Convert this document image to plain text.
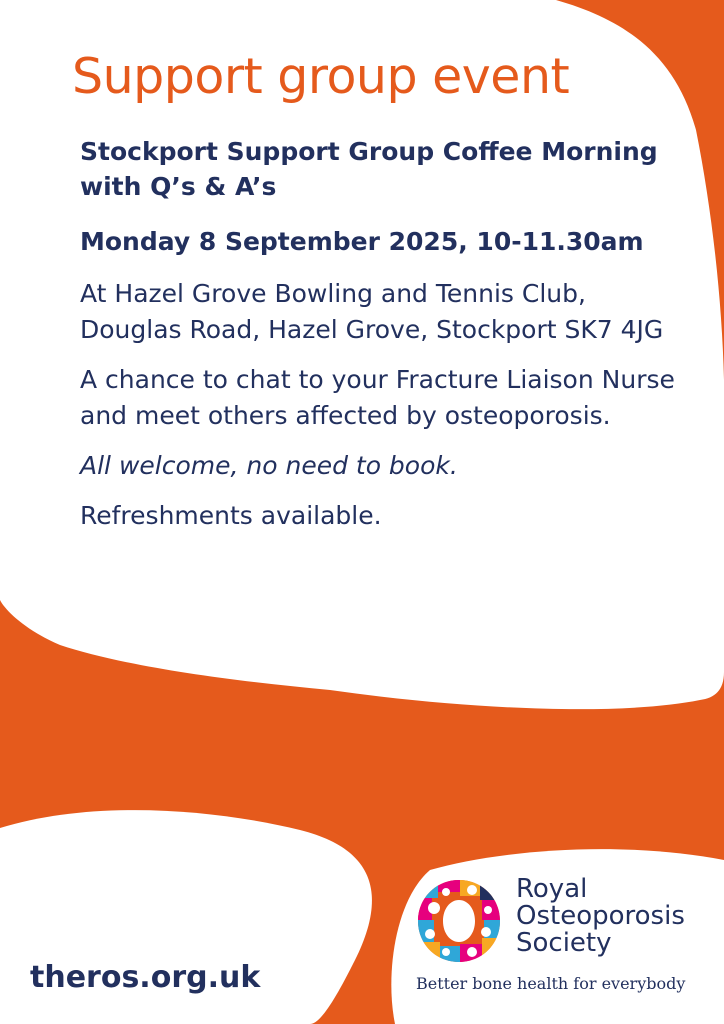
Support group event

Stockport Support Group Coffee Morning with Q’s & A’s

Monday 8 September 2025, 10-11.30am

At Hazel Grove Bowling and Tennis Club, Douglas Road, Hazel Grove, Stockport SK7 4JG

A chance to chat to your Fracture Liaison Nurse and meet others affected by osteoporosis.

All welcome, no need to book.

Refreshments available.

theros.org.uk

Royal
Osteoporosis
Society
Better bone health for everybody
